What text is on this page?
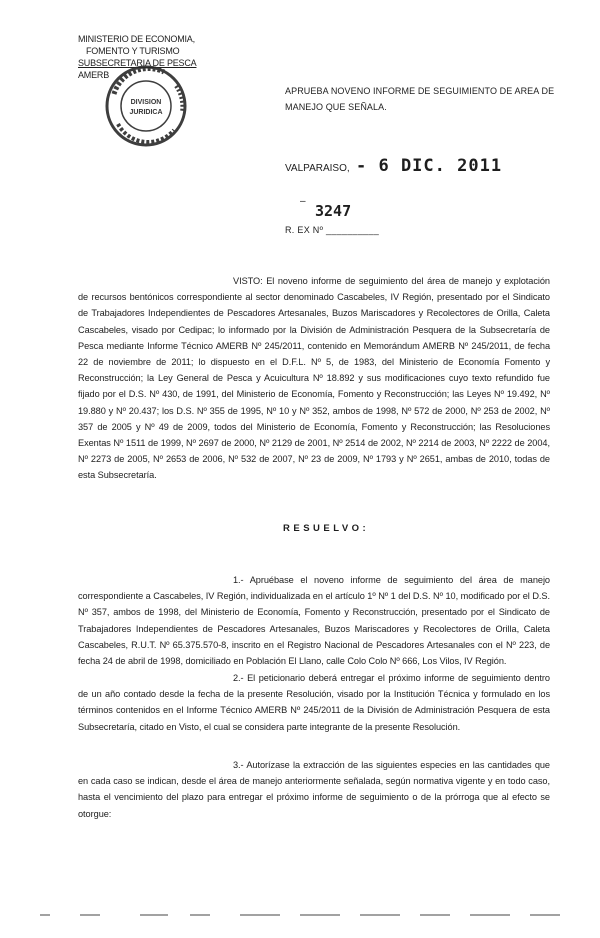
MINISTERIO DE ECONOMIA,
FOMENTO Y TURISMO
SUBSECRETARIA DE PESCA
AMERB
DIVISION
JURIDICA
APRUEBA NOVENO INFORME DE SEGUIMIENTO DE AREA DE MANEJO QUE SEÑALA.
VALPARAISO, - 6 DIC. 2011
–
3247
R. EX Nº __________
VISTO: El noveno informe de seguimiento del área de manejo y explotación de recursos bentónicos correspondiente al sector denominado Cascabeles, IV Región, presentado por el Sindicato de Trabajadores Independientes de Pescadores Artesanales, Buzos Mariscadores y Recolectores de Orilla, Caleta Cascabeles, visado por Cedipac; lo informado por la División de Administración Pesquera de la Subsecretaría de Pesca mediante Informe Técnico AMERB Nº 245/2011, contenido en Memorándum AMERB Nº 245/2011, de fecha 22 de noviembre de 2011; lo dispuesto en el D.F.L. Nº 5, de 1983, del Ministerio de Economía Fomento y Reconstrucción; la Ley General de Pesca y Acuicultura Nº 18.892 y sus modificaciones cuyo texto refundido fue fijado por el D.S. Nº 430, de 1991, del Ministerio de Economía, Fomento y Reconstrucción; las Leyes Nº 19.492, Nº 19.880 y Nº 20.437; los D.S. Nº 355 de 1995, Nº 10 y Nº 352, ambos de 1998, Nº 572 de 2000, Nº 253 de 2002, Nº 357 de 2005 y Nº 49 de 2009, todos del Ministerio de Economía, Fomento y Reconstrucción; las Resoluciones Exentas Nº 1511 de 1999, Nº 2697 de 2000, Nº 2129 de 2001, Nº 2514 de 2002, Nº 2214 de 2003, Nº 2222 de 2004, Nº 2273 de 2005, Nº 2653 de 2006, Nº 532 de 2007, Nº 23 de 2009, Nº 1793 y Nº 2651, ambas de 2010, todas de esta Subsecretaría.
RESUELVO:
1.- Apruébase el noveno informe de seguimiento del área de manejo correspondiente a Cascabeles, IV Región, individualizada en el artículo 1º Nº 1 del D.S. Nº 10, modificado por el D.S. Nº 357, ambos de 1998, del Ministerio de Economía, Fomento y Reconstrucción, presentado por el Sindicato de Trabajadores Independientes de Pescadores Artesanales, Buzos Mariscadores y Recolectores de Orilla, Caleta Cascabeles, R.U.T. Nº 65.375.570-8, inscrito en el Registro Nacional de Pescadores Artesanales con el Nº 223, de fecha 24 de abril de 1998, domiciliado en Población El Llano, calle Colo Colo Nº 666, Los Vilos, IV Región.
2.- El peticionario deberá entregar el próximo informe de seguimiento dentro de un año contado desde la fecha de la presente Resolución, visado por la Institución Técnica y formulado en los términos contenidos en el Informe Técnico AMERB Nº 245/2011 de la División de Administración Pesquera de esta Subsecretaría, citado en Visto, el cual se considera parte integrante de la presente Resolución.
3.- Autorízase la extracción de las siguientes especies en las cantidades que en cada caso se indican, desde el área de manejo anteriormente señalada, según normativa vigente y en todo caso, hasta el vencimiento del plazo para entregar el próximo informe de seguimiento o de la prórroga que al efecto se otorgue:
